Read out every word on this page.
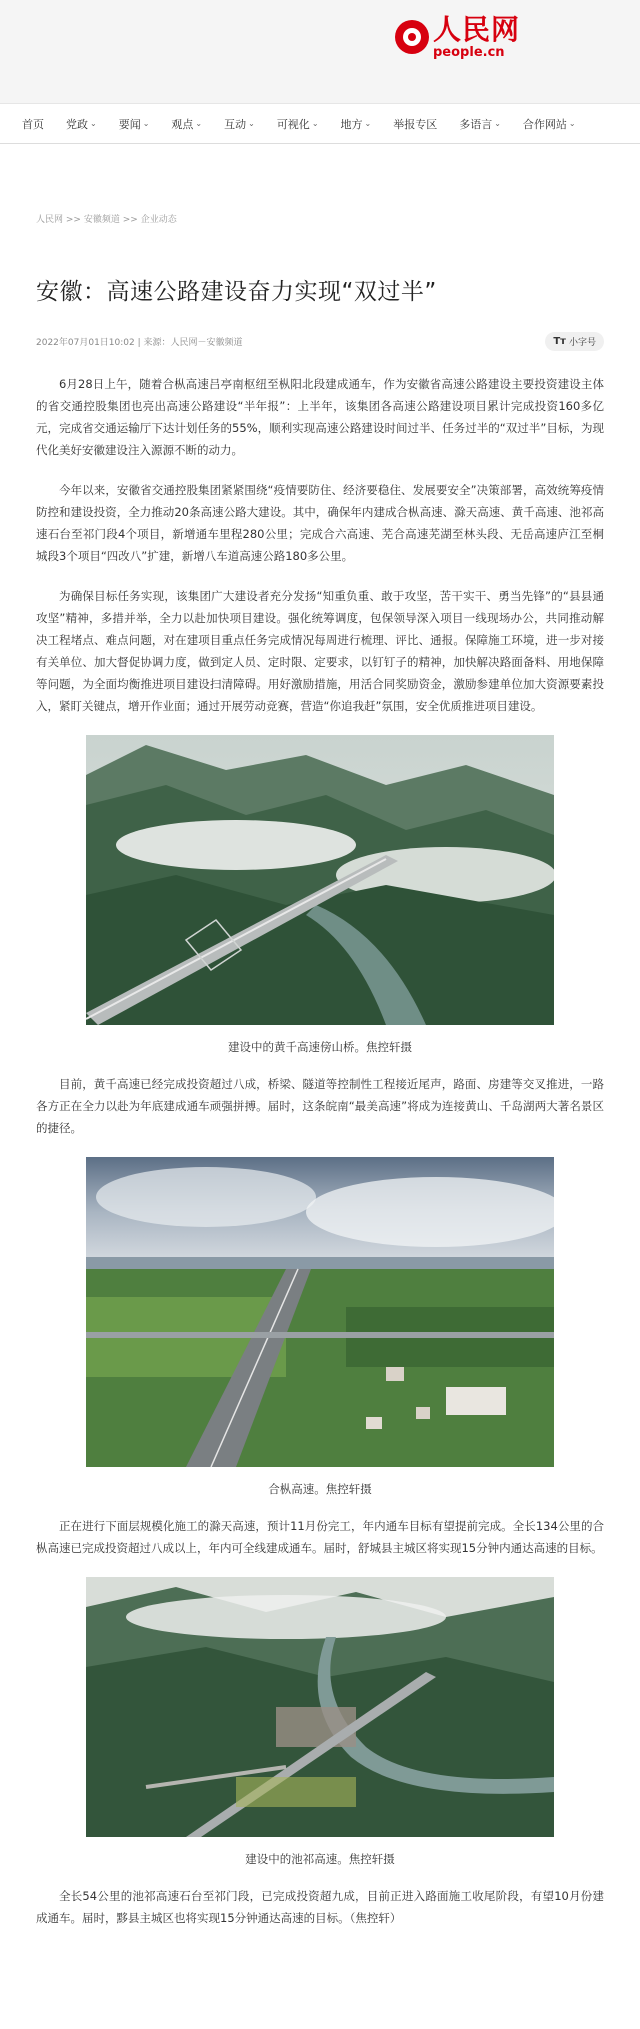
人民网
people.cn
首页 党政 ⌄ 要闻 ⌄ 观点 ⌄ 互动 ⌄ 可视化 ⌄ 地方 ⌄ 举报专区 多语言 ⌄ 合作网站 ⌄
人民网 >> 安徽频道 >> 企业动态
安徽：高速公路建设奋力实现“双过半”
2022年07月01日10:02 | 来源：人民网－安徽频道	Tт 小字号

6月28日上午，随着合枞高速吕亭南枢纽至枞阳北段建成通车，作为安徽省高速公路建设主要投资建设主体的省交通控股集团也亮出高速公路建设“半年报”：上半年，该集团各高速公路建设项目累计完成投资160多亿元，完成省交通运输厅下达计划任务的55%，顺利实现高速公路建设时间过半、任务过半的“双过半”目标，为现代化美好安徽建设注入源源不断的动力。

今年以来，安徽省交通控股集团紧紧围绕“疫情要防住、经济要稳住、发展要安全”决策部署，高效统筹疫情防控和建设投资，全力推动20条高速公路大建设。其中，确保年内建成合枞高速、滁天高速、黄千高速、池祁高速石台至祁门段4个项目，新增通车里程280公里；完成合六高速、芜合高速芜湖至林头段、无岳高速庐江至桐城段3个项目“四改八”扩建，新增八车道高速公路180多公里。

为确保目标任务实现，该集团广大建设者充分发扬“知重负重、敢于攻坚，苦干实干、勇当先锋”的“县县通攻坚”精神，多措并举，全力以赴加快项目建设。强化统筹调度，包保领导深入项目一线现场办公，共同推动解决工程堵点、难点问题，对在建项目重点任务完成情况每周进行梳理、评比、通报。保障施工环境，进一步对接有关单位、加大督促协调力度，做到定人员、定时限、定要求，以钉钉子的精神，加快解决路面备料、用地保障等问题，为全面均衡推进项目建设扫清障碍。用好激励措施，用活合同奖励资金，激励参建单位加大资源要素投入，紧盯关键点，增开作业面；通过开展劳动竞赛，营造“你追我赶”氛围，安全优质推进项目建设。

建设中的黄千高速傍山桥。焦控轩摄

目前，黄千高速已经完成投资超过八成，桥梁、隧道等控制性工程接近尾声，路面、房建等交叉推进，一路各方正在全力以赴为年底建成通车顽强拼搏。届时，这条皖南“最美高速”将成为连接黄山、千岛湖两大著名景区的捷径。

合枞高速。焦控轩摄

正在进行下面层规模化施工的滁天高速，预计11月份完工，年内通车目标有望提前完成。全长134公里的合枞高速已完成投资超过八成以上，年内可全线建成通车。届时，舒城县主城区将实现15分钟内通达高速的目标。

建设中的池祁高速。焦控轩摄

全长54公里的池祁高速石台至祁门段，已完成投资超九成，目前正进入路面施工收尾阶段，有望10月份建成通车。届时，黟县主城区也将实现15分钟通达高速的目标。（焦控轩）
